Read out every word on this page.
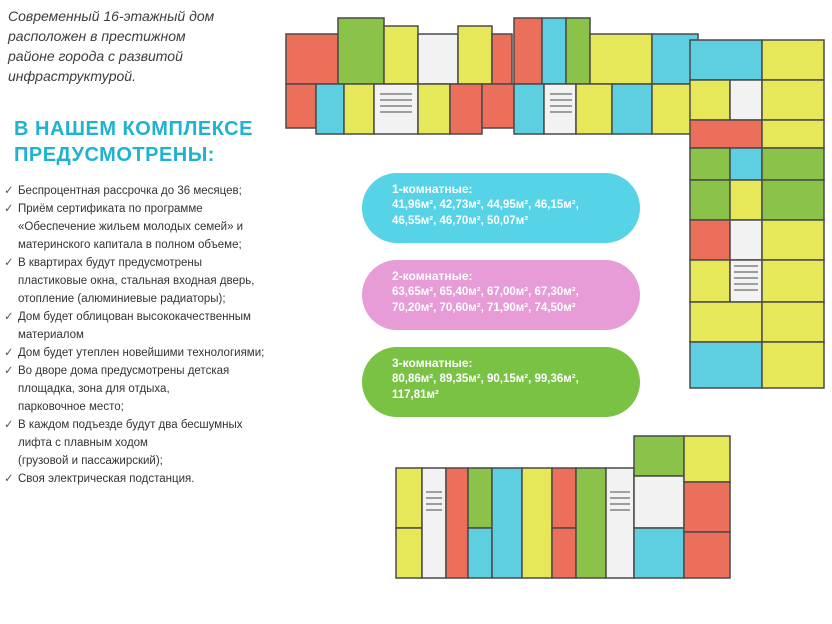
Современный 16-этажный дом
расположен в престижном
районе города с развитой
инфраструктурой.
В НАШЕМ КОМПЛЕКСЕ
ПРЕДУСМОТРЕНЫ:
✓ Беспроцентная рассрочка до 36 месяцев;
✓ Приём сертификата по программе
«Обеспечение жильем молодых семей» и
материнского капитала в полном объеме;
✓ В квартирах будут предусмотрены
пластиковые окна, стальная входная дверь,
отопление (алюминиевые радиаторы);
✓ Дом будет облицован высококачественным
материалом
✓ Дом будет утеплен новейшими технологиями;
✓ Во дворе дома предусмотрены детская
площадка, зона для отдыха,
парковочное место;
✓ В каждом подъезде будут два бесшумных
лифта с плавным ходом
(грузовой и пассажирский);
✓ Своя электрическая подстанция.
1-комнатные:
41,96м², 42,73м², 44,95м², 46,15м²,
46,55м², 46,70м², 50,07м²
2-комнатные:
63,65м², 65,40м², 67,00м², 67,30м²,
70,20м², 70,60м², 71,90м², 74,50м²
3-комнатные:
80,86м², 89,35м², 90,15м², 99,36м²,
117,81м²
